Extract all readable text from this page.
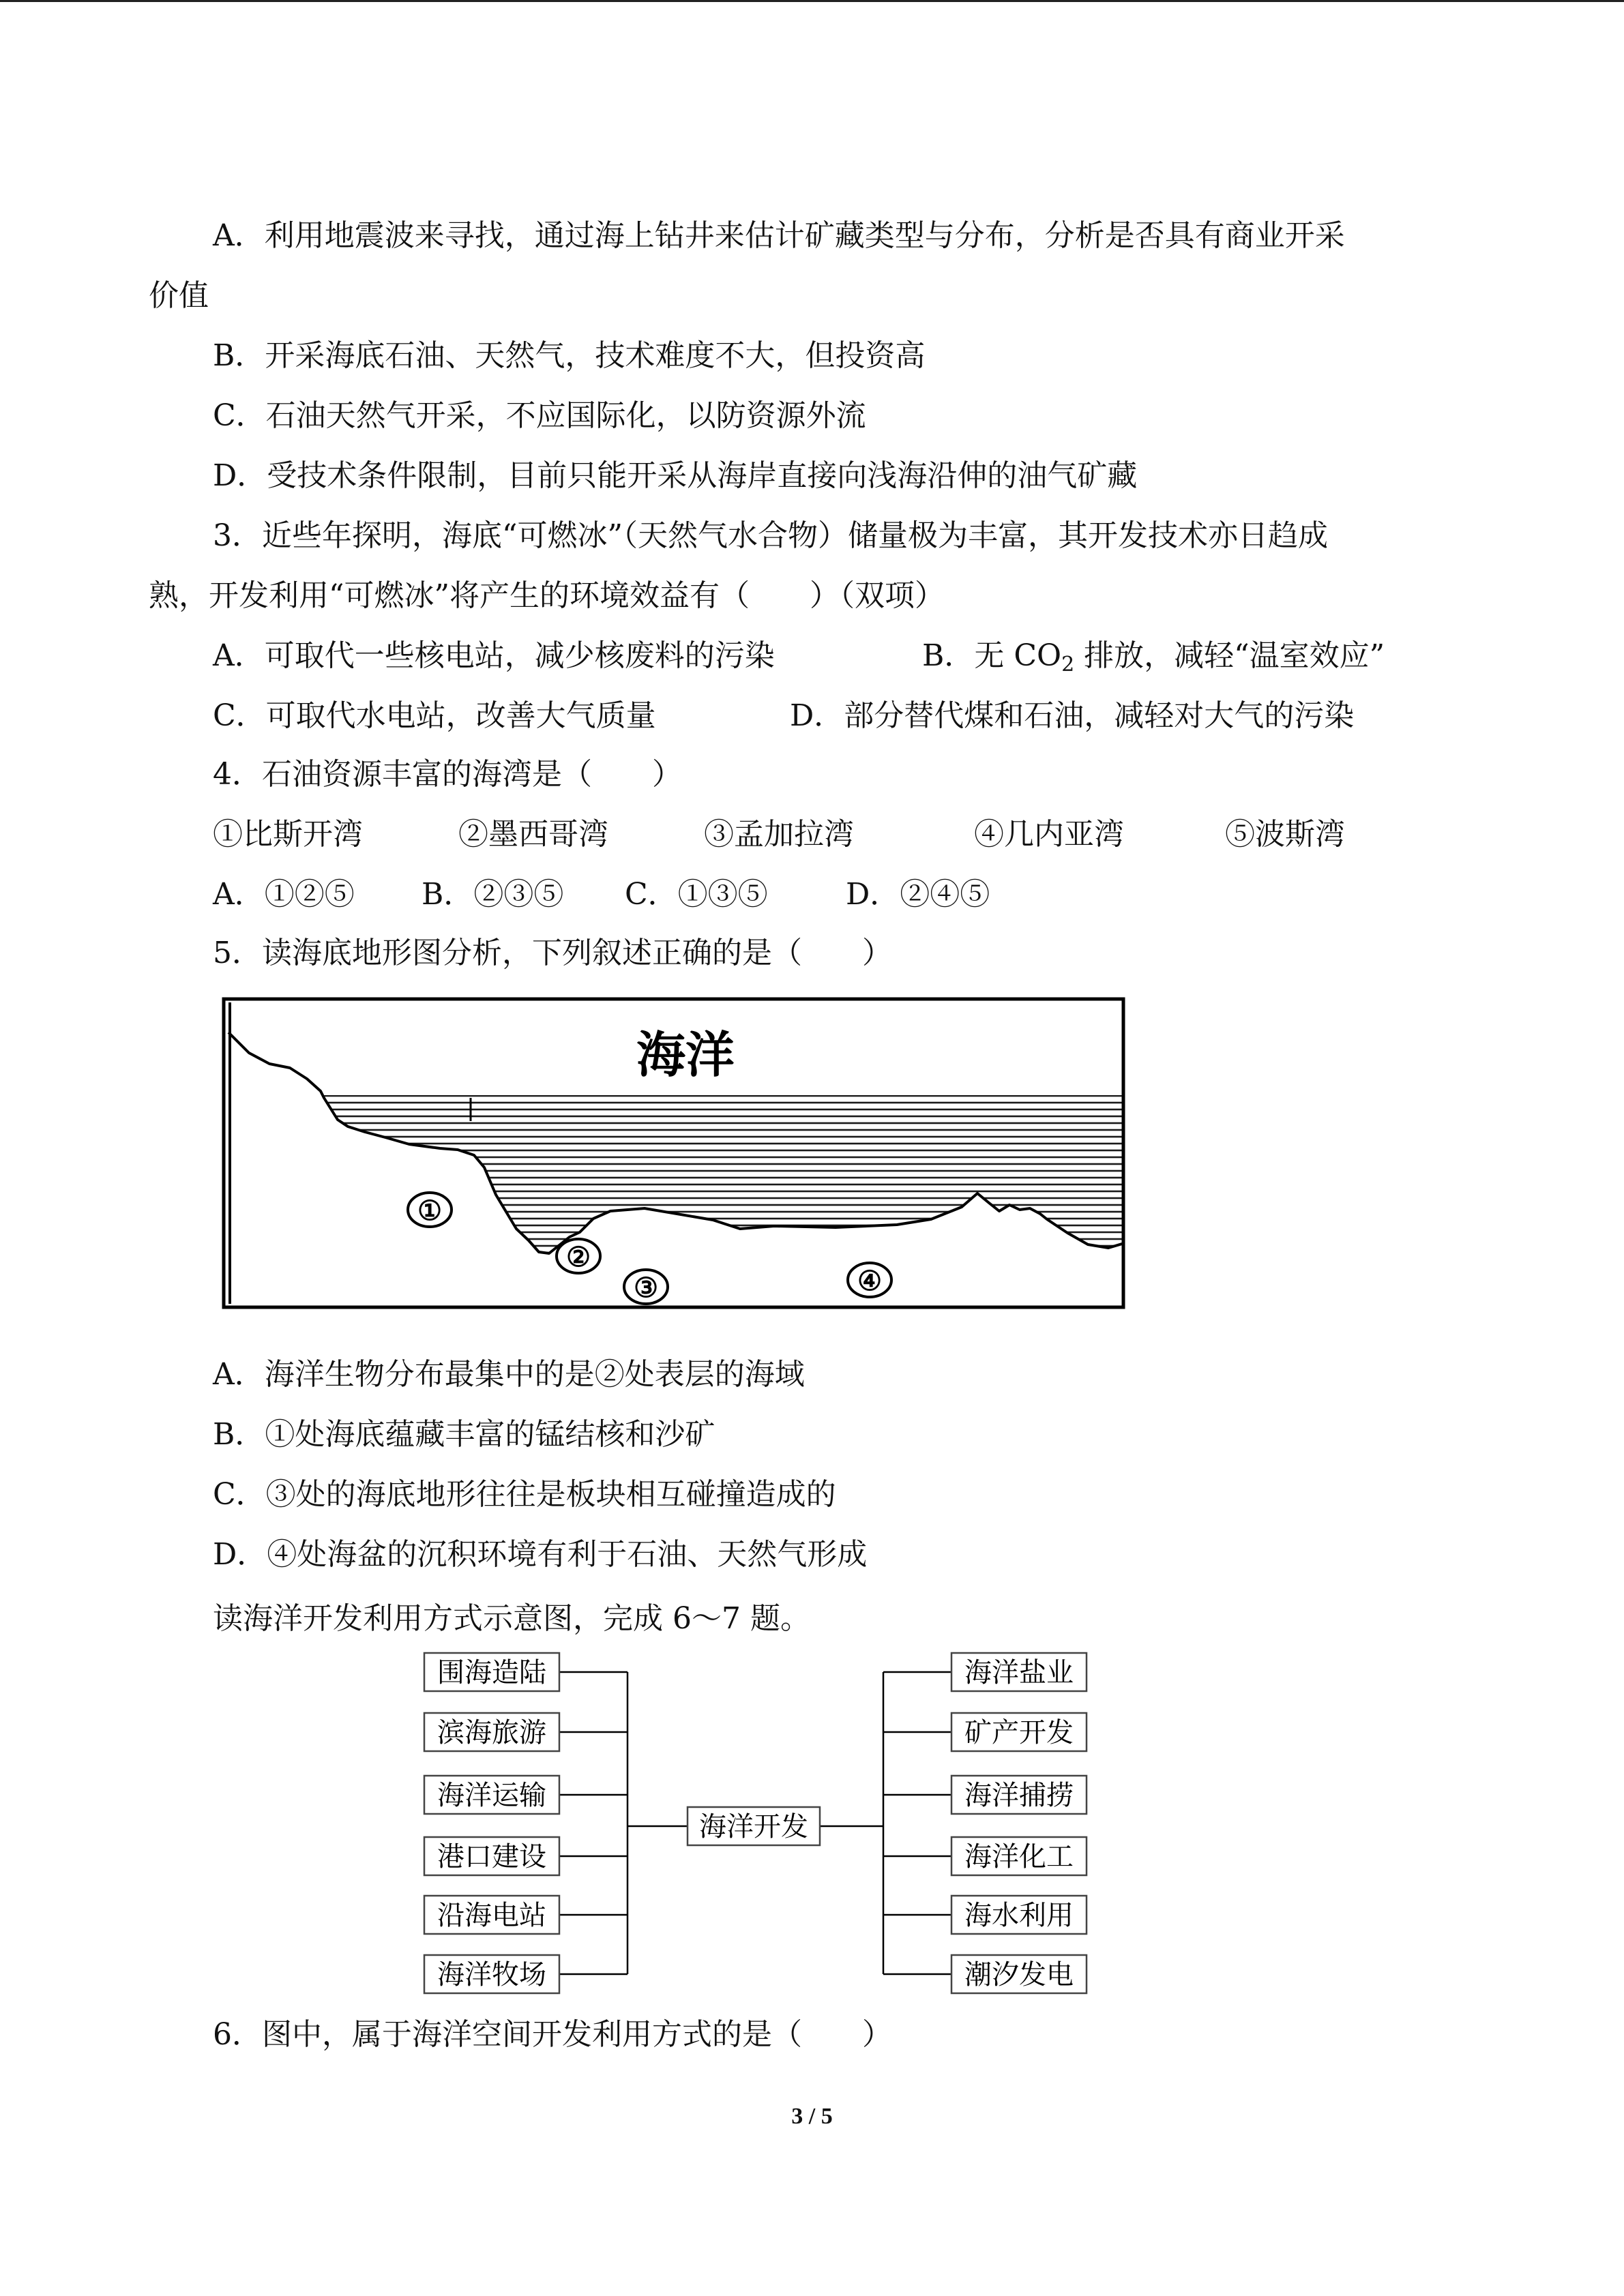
A．利用地震波来寻找，通过海上钻井来估计矿藏类型与分布，分析是否具有商业开采
价值
B．开采海底石油、天然气，技术难度不大，但投资高
C．石油天然气开采，不应国际化，以防资源外流
D．受技术条件限制，目前只能开采从海岸直接向浅海沿伸的油气矿藏
3．近些年探明，海底“可燃冰”（天然气水合物）储量极为丰富，其开发技术亦日趋成
熟，开发利用“可燃冰”将产生的环境效益有（　　）（双项）
A．可取代一些核电站，减少核废料的污染	B．无 $CO_2$ 排放，减轻“温室效应”
C．可取代水电站，改善大气质量	D．部分替代煤和石油，减轻对大气的污染
4．石油资源丰富的海湾是（　　）
①比斯开湾	②墨西哥湾	③孟加拉湾	④几内亚湾	⑤波斯湾
A．①②⑤ B．②③⑤ C．①③⑤	D．②④⑤
5．读海底地形图分析，下列叙述正确的是（　　）
海洋
①
②
③	④
A．海洋生物分布最集中的是②处表层的海域
B．①处海底蕴藏丰富的锰结核和沙矿
C．③处的海底地形往往是板块相互碰撞造成的
D．④处海盆的沉积环境有利于石油、天然气形成
读海洋开发利用方式示意图，完成 6～7 题。
围海造陆
滨海旅游
海洋运输
港口建设
沿海电站
海洋牧场
海洋开发
海洋盐业
矿产开发
海洋捕捞
海洋化工
海水利用
潮汐发电
6．图中，属于海洋空间开发利用方式的是（　　）
3 / 5
